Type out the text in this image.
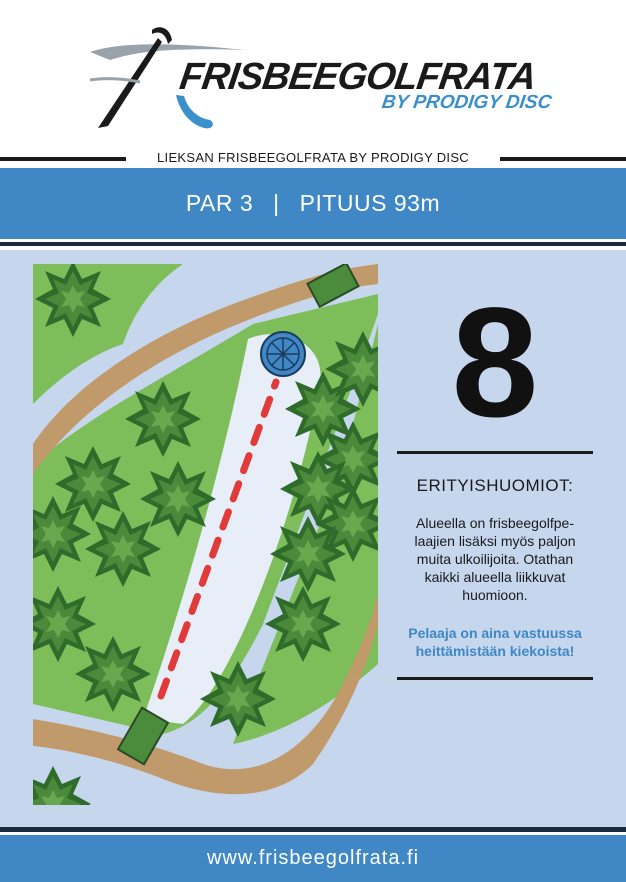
FRISBEEGOLFRATA
BY PRODIGY DISC
LIEKSAN FRISBEEGOLFRATA BY PRODIGY DISC
PAR 3 | PITUUS 93m
8
ERITYISHUOMIOT:
Alueella on frisbeegolfpe-
laajien lisäksi myös paljon
muita ulkoilijoita. Otathan
kaikki alueella liikkuvat
huomioon.
Pelaaja on aina vastuussa
heittämistään kiekoista!
www.frisbeegolfrata.fi
